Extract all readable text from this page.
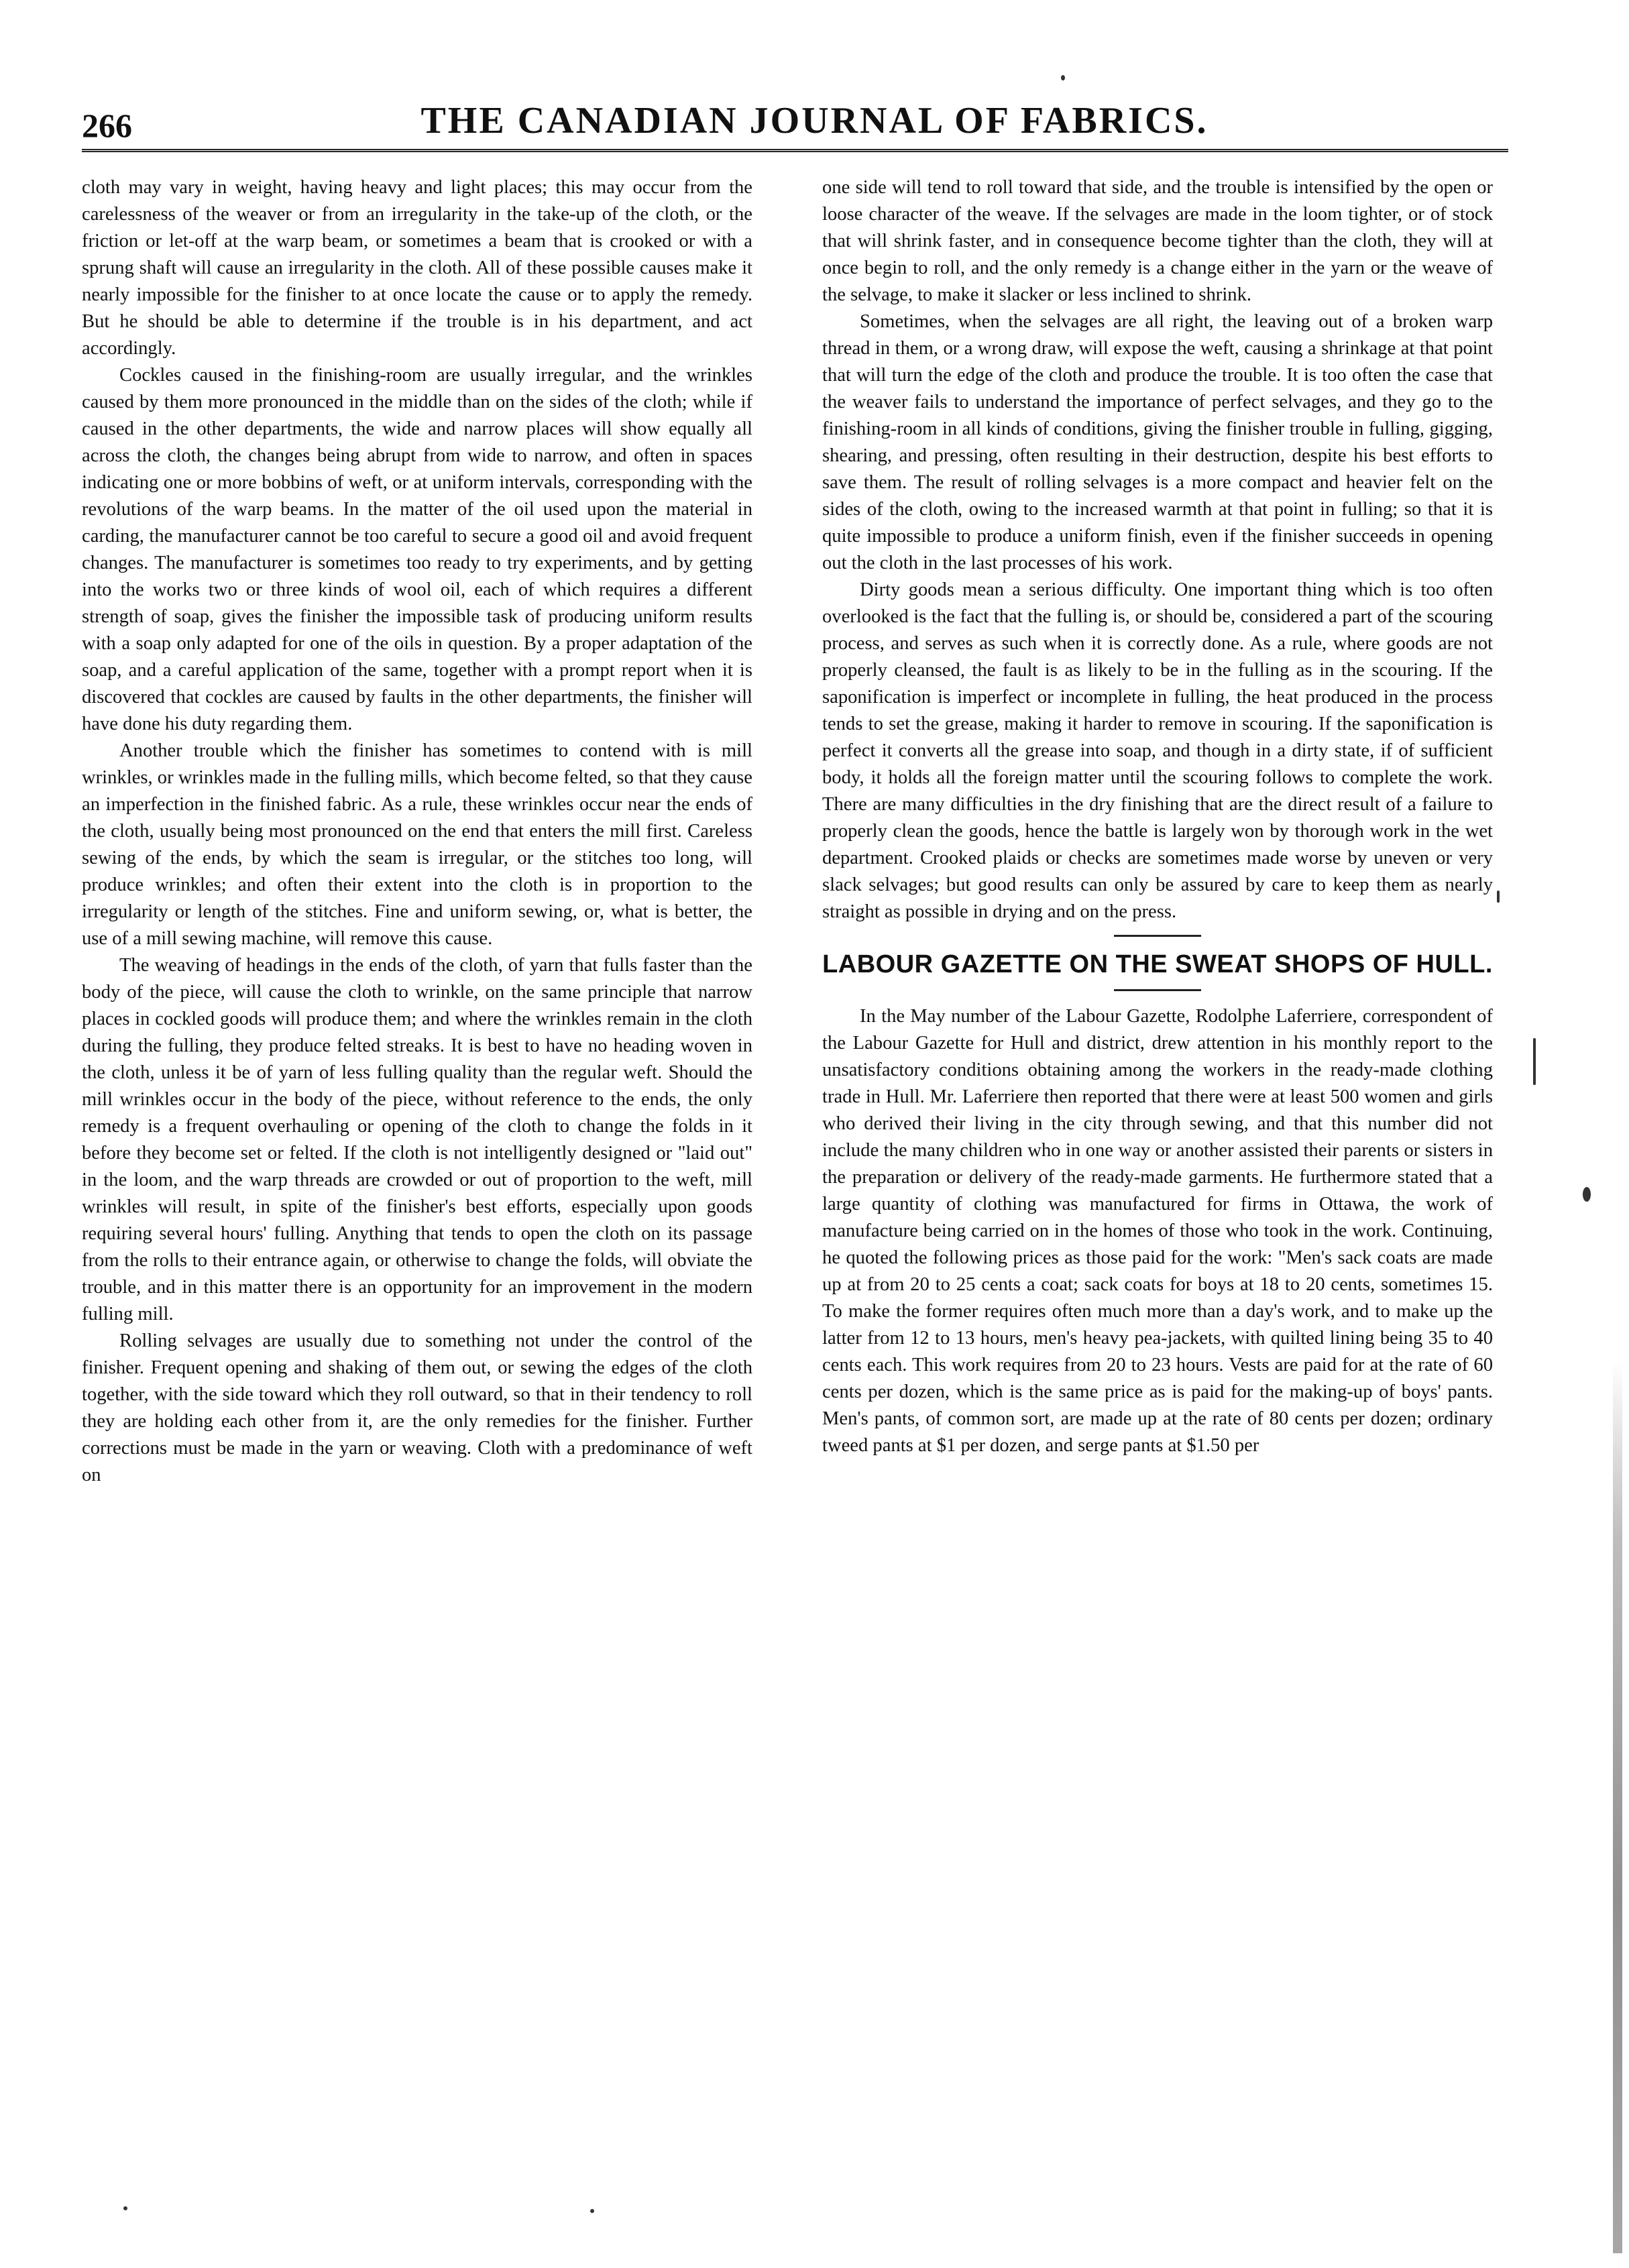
266	THE CANADIAN JOURNAL OF FABRICS.

cloth may vary in weight, having heavy and light places; this may occur from the carelessness of the weaver or from an irregularity in the take-up of the cloth, or the friction or let-off at the warp beam, or sometimes a beam that is crooked or with a sprung shaft will cause an irregularity in the cloth. All of these possible causes make it nearly impossible for the finisher to at once locate the cause or to apply the remedy. But he should be able to determine if the trouble is in his department, and act accordingly.

Cockles caused in the finishing-room are usually irregular, and the wrinkles caused by them more pronounced in the middle than on the sides of the cloth; while if caused in the other departments, the wide and narrow places will show equally all across the cloth, the changes being abrupt from wide to narrow, and often in spaces indicating one or more bobbins of weft, or at uniform intervals, corresponding with the revolutions of the warp beams. In the matter of the oil used upon the material in carding, the manufacturer cannot be too careful to secure a good oil and avoid frequent changes. The manufacturer is sometimes too ready to try experiments, and by getting into the works two or three kinds of wool oil, each of which requires a different strength of soap, gives the finisher the impossible task of producing uniform results with a soap only adapted for one of the oils in question. By a proper adaptation of the soap, and a careful application of the same, together with a prompt report when it is discovered that cockles are caused by faults in the other departments, the finisher will have done his duty regarding them.

Another trouble which the finisher has sometimes to contend with is mill wrinkles, or wrinkles made in the fulling mills, which become felted, so that they cause an imperfection in the finished fabric. As a rule, these wrinkles occur near the ends of the cloth, usually being most pronounced on the end that enters the mill first. Careless sewing of the ends, by which the seam is irregular, or the stitches too long, will produce wrinkles; and often their extent into the cloth is in proportion to the irregularity or length of the stitches. Fine and uniform sewing, or, what is better, the use of a mill sewing machine, will remove this cause.

The weaving of headings in the ends of the cloth, of yarn that fulls faster than the body of the piece, will cause the cloth to wrinkle, on the same principle that narrow places in cockled goods will produce them; and where the wrinkles remain in the cloth during the fulling, they produce felted streaks. It is best to have no heading woven in the cloth, unless it be of yarn of less fulling quality than the regular weft. Should the mill wrinkles occur in the body of the piece, without reference to the ends, the only remedy is a frequent overhauling or opening of the cloth to change the folds in it before they become set or felted. If the cloth is not intelligently designed or "laid out" in the loom, and the warp threads are crowded or out of proportion to the weft, mill wrinkles will result, in spite of the finisher's best efforts, especially upon goods requiring several hours' fulling. Anything that tends to open the cloth on its passage from the rolls to their entrance again, or otherwise to change the folds, will obviate the trouble, and in this matter there is an opportunity for an improvement in the modern fulling mill.

Rolling selvages are usually due to something not under the control of the finisher. Frequent opening and shaking of them out, or sewing the edges of the cloth together, with the side toward which they roll outward, so that in their tendency to roll they are holding each other from it, are the only remedies for the finisher. Further corrections must be made in the yarn or weaving. Cloth with a predominance of weft on

one side will tend to roll toward that side, and the trouble is intensified by the open or loose character of the weave. If the selvages are made in the loom tighter, or of stock that will shrink faster, and in consequence become tighter than the cloth, they will at once begin to roll, and the only remedy is a change either in the yarn or the weave of the selvage, to make it slacker or less inclined to shrink.

Sometimes, when the selvages are all right, the leaving out of a broken warp thread in them, or a wrong draw, will expose the weft, causing a shrinkage at that point that will turn the edge of the cloth and produce the trouble. It is too often the case that the weaver fails to understand the importance of perfect selvages, and they go to the finishing-room in all kinds of conditions, giving the finisher trouble in fulling, gigging, shearing, and pressing, often resulting in their destruction, despite his best efforts to save them. The result of rolling selvages is a more compact and heavier felt on the sides of the cloth, owing to the increased warmth at that point in fulling; so that it is quite impossible to produce a uniform finish, even if the finisher succeeds in opening out the cloth in the last processes of his work.

Dirty goods mean a serious difficulty. One important thing which is too often overlooked is the fact that the fulling is, or should be, considered a part of the scouring process, and serves as such when it is correctly done. As a rule, where goods are not properly cleansed, the fault is as likely to be in the fulling as in the scouring. If the saponification is imperfect or incomplete in fulling, the heat produced in the process tends to set the grease, making it harder to remove in scouring. If the saponification is perfect it converts all the grease into soap, and though in a dirty state, if of sufficient body, it holds all the foreign matter until the scouring follows to complete the work. There are many difficulties in the dry finishing that are the direct result of a failure to properly clean the goods, hence the battle is largely won by thorough work in the wet department. Crooked plaids or checks are sometimes made worse by uneven or very slack selvages; but good results can only be assured by care to keep them as nearly straight as possible in drying and on the press.

LABOUR GAZETTE ON THE SWEAT SHOPS OF HULL.

In the May number of the Labour Gazette, Rodolphe Laferriere, correspondent of the Labour Gazette for Hull and district, drew attention in his monthly report to the unsatisfactory conditions obtaining among the workers in the ready-made clothing trade in Hull. Mr. Laferriere then reported that there were at least 500 women and girls who derived their living in the city through sewing, and that this number did not include the many children who in one way or another assisted their parents or sisters in the preparation or delivery of the ready-made garments. He furthermore stated that a large quantity of clothing was manufactured for firms in Ottawa, the work of manufacture being carried on in the homes of those who took in the work. Continuing, he quoted the following prices as those paid for the work: "Men's sack coats are made up at from 20 to 25 cents a coat; sack coats for boys at 18 to 20 cents, sometimes 15. To make the former requires often much more than a day's work, and to make up the latter from 12 to 13 hours, men's heavy pea-jackets, with quilted lining being 35 to 40 cents each. This work requires from 20 to 23 hours. Vests are paid for at the rate of 60 cents per dozen, which is the same price as is paid for the making-up of boys' pants. Men's pants, of common sort, are made up at the rate of 80 cents per dozen; ordinary tweed pants at $1 per dozen, and serge pants at $1.50 per
